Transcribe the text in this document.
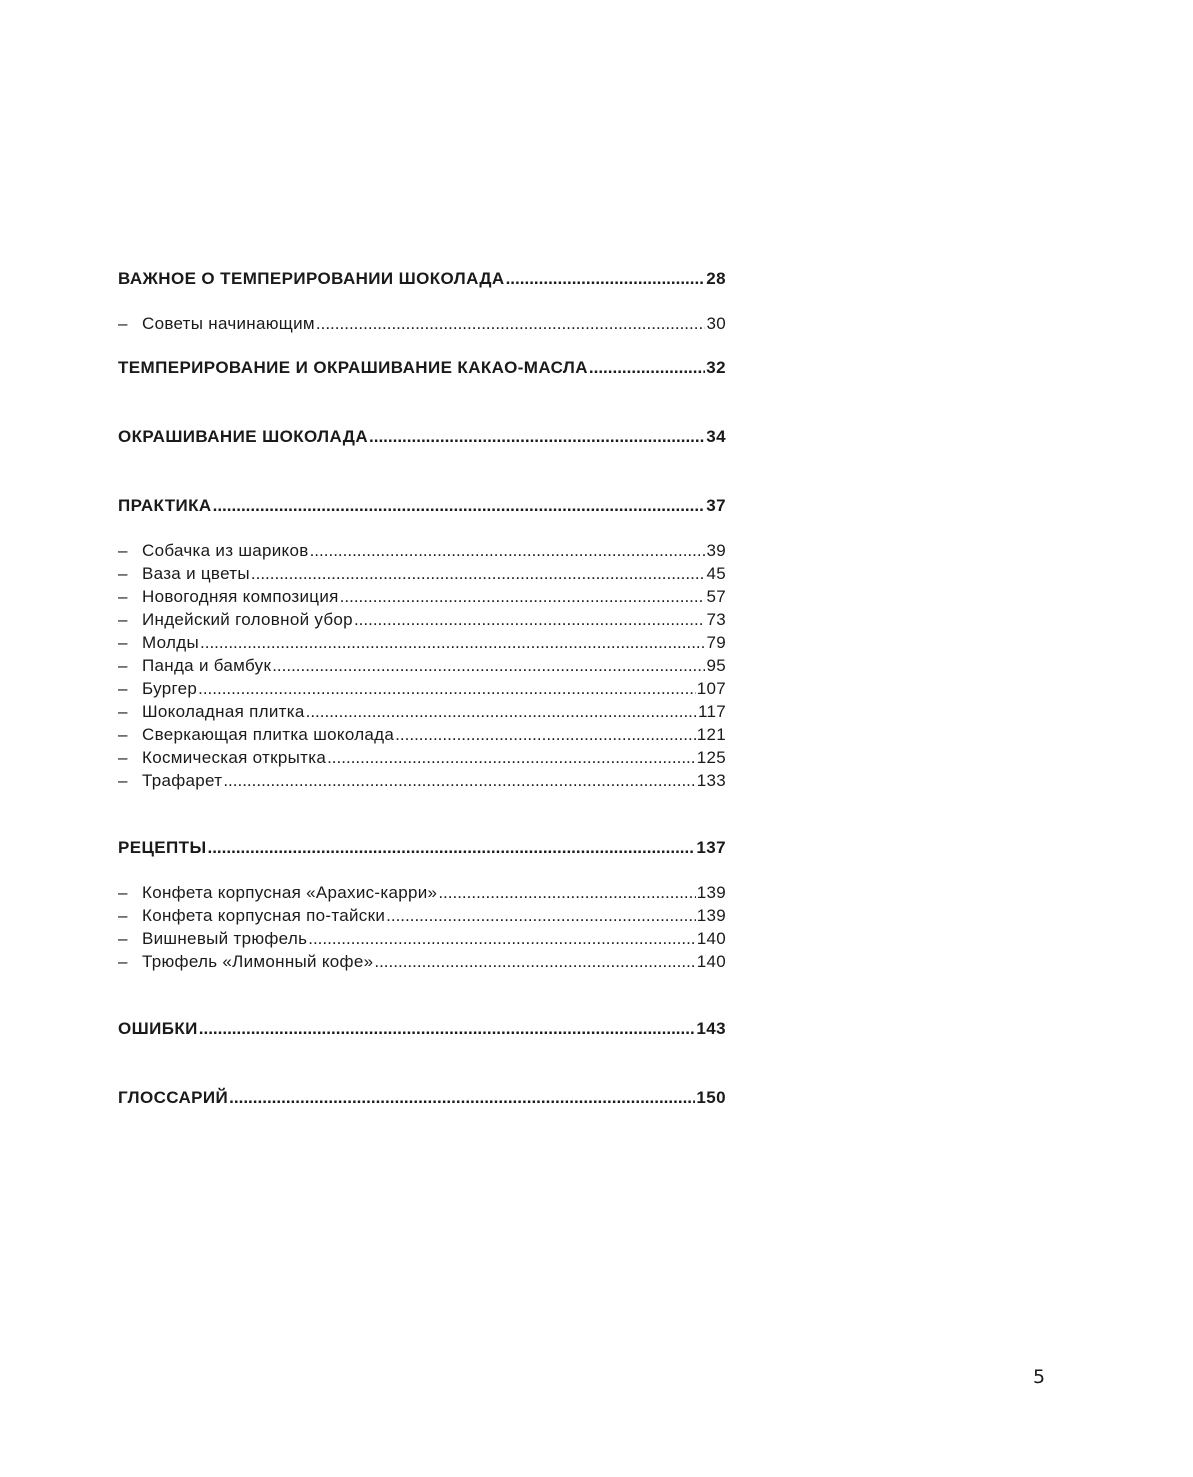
ВАЖНОЕ О ТЕМПЕРИРОВАНИИ ШОКОЛАДА .....	28
– Советы начинающим .....	30
ТЕМПЕРИРОВАНИЕ И ОКРАШИВАНИЕ КАКАО-МАСЛА .....	32
ОКРАШИВАНИЕ ШОКОЛАДА .....	34
ПРАКТИКА .....	37
– Собачка из шариков .....	39
– Ваза и цветы .....	45
– Новогодняя композиция .....	57
– Индейский головной убор .....	73
– Молды .....	79
– Панда и бамбук .....	95
– Бургер .....	107
– Шоколадная плитка .....	117
– Сверкающая плитка шоколада .....	121
– Космическая открытка .....	125
– Трафарет .....	133
РЕЦЕПТЫ .....	137
– Конфета корпусная «Арахис-карри» .....	139
– Конфета корпусная по-тайски .....	139
– Вишневый трюфель .....	140
– Трюфель «Лимонный кофе» .....	140
ОШИБКИ .....	143
ГЛОССАРИЙ .....	150
5
